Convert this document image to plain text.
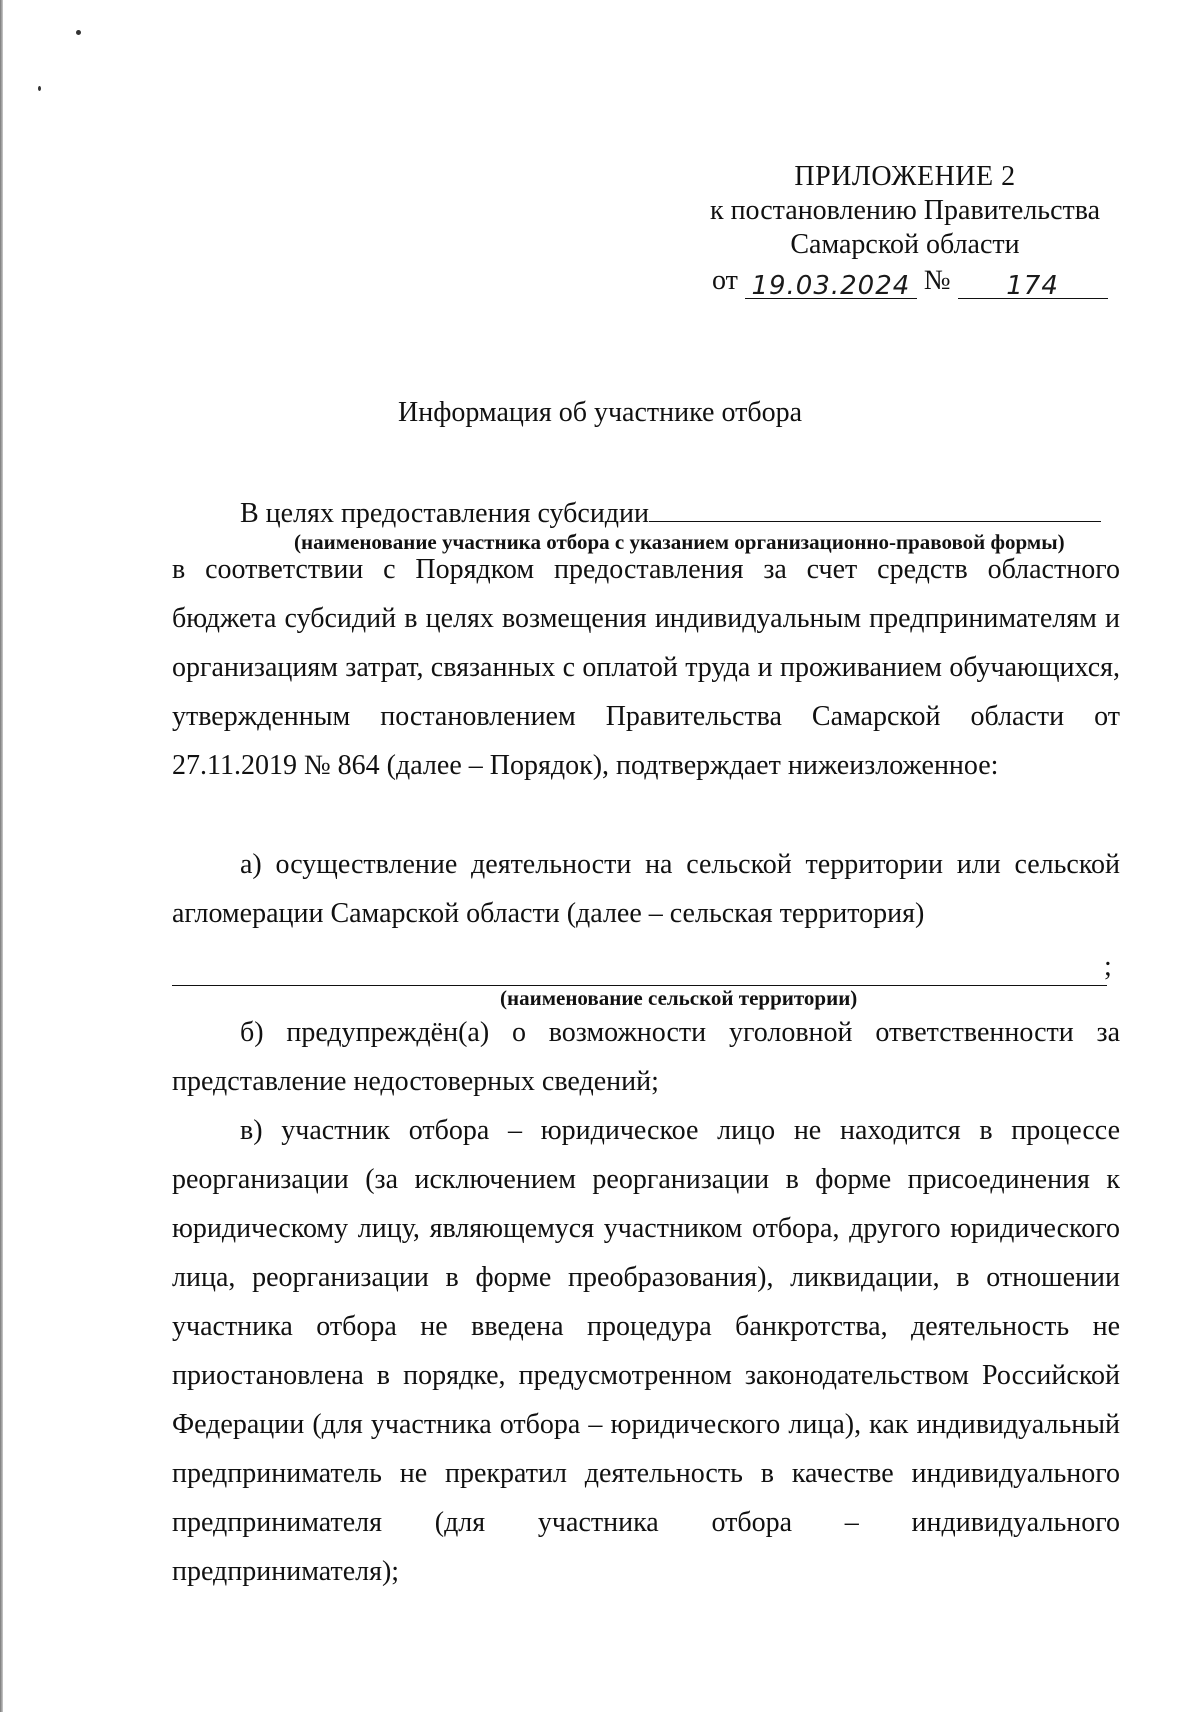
ПРИЛОЖЕНИЕ 2
к постановлению Правительства
Самарской области
от 19.03.2024 № 174
Информация об участнике отбора
В целях предоставления субсидии
(наименование участника отбора с указанием организационно-правовой формы)

в соответствии с Порядком предоставления за счет средств областного бюджета субсидий в целях возмещения индивидуальным предпринимателям и организациям затрат, связанных с оплатой труда и проживанием обучающихся, утвержденным постановлением Правительства Самарской области от 27.11.2019 № 864 (далее – Порядок), подтверждает нижеизложенное:

а) осуществление деятельности на сельской территории или сельской агломерации Самарской области (далее – сельская территория)

;
(наименование сельской территории)

б) предупреждён(а) о возможности уголовной ответственности за представление недостоверных сведений;

в) участник отбора – юридическое лицо не находится в процессе реорганизации (за исключением реорганизации в форме присоединения к юридическому лицу, являющемуся участником отбора, другого юридического лица, реорганизации в форме преобразования), ликвидации, в отношении участника отбора не введена процедура банкротства, деятельность не приостановлена в порядке, предусмотренном законодательством Российской Федерации (для участника отбора – юридического лица), как индивидуальный предприниматель не прекратил деятельность в качестве индивидуального предпринимателя (для участника отбора – индивидуального предпринимателя);
